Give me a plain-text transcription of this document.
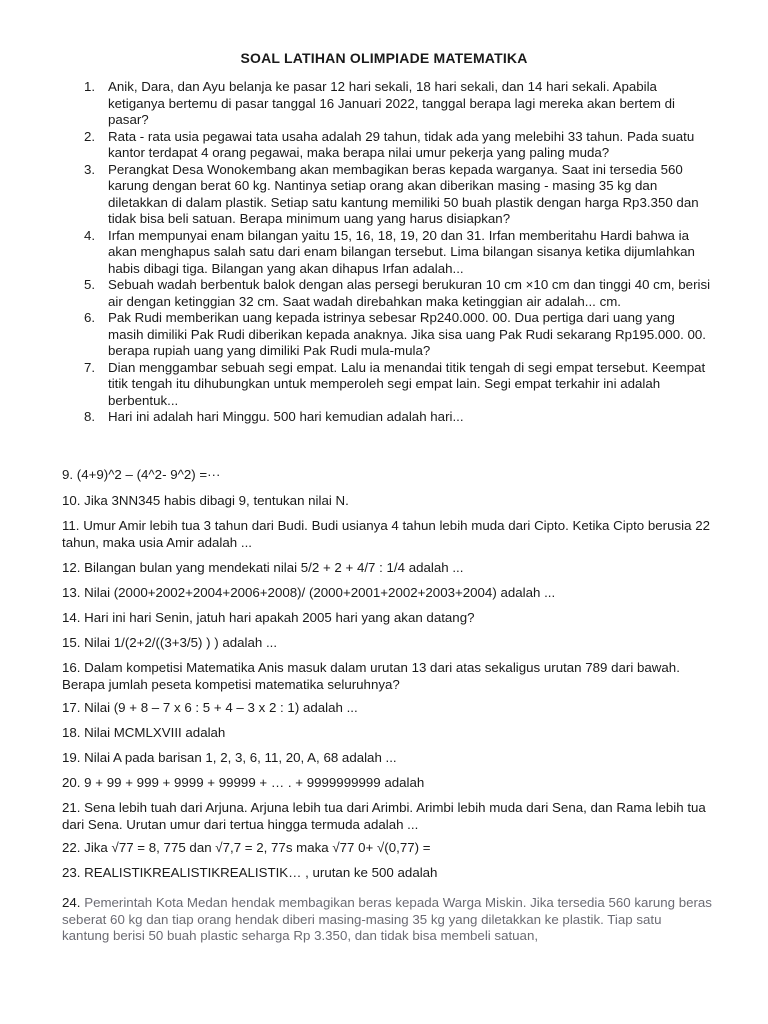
SOAL LATIHAN OLIMPIADE MATEMATIKA
1. Anik, Dara, dan Ayu belanja ke pasar 12 hari sekali, 18 hari sekali, dan 14 hari sekali. Apabila ketiganya bertemu di pasar tanggal 16 Januari 2022, tanggal berapa lagi mereka akan bertem di pasar?
2. Rata - rata usia pegawai tata usaha adalah 29 tahun, tidak ada yang melebihi 33 tahun. Pada suatu kantor terdapat 4 orang pegawai, maka berapa nilai umur pekerja yang paling muda?
3. Perangkat Desa Wonokembang akan membagikan beras kepada warganya. Saat ini tersedia 560 karung dengan berat 60 kg. Nantinya setiap orang akan diberikan masing - masing 35 kg dan diletakkan di dalam plastik. Setiap satu kantung memiliki 50 buah plastik dengan harga Rp3.350 dan tidak bisa beli satuan. Berapa minimum uang yang harus disiapkan?
4. Irfan mempunyai enam bilangan yaitu 15, 16, 18, 19, 20 dan 31. Irfan memberitahu Hardi bahwa ia akan menghapus salah satu dari enam bilangan tersebut. Lima bilangan sisanya ketika dijumlahkan habis dibagi tiga. Bilangan yang akan dihapus Irfan adalah...
5. Sebuah wadah berbentuk balok dengan alas persegi berukuran 10 cm ×10 cm dan tinggi 40 cm, berisi air dengan ketinggian 32 cm. Saat wadah direbahkan maka ketinggian air adalah... cm.
6. Pak Rudi memberikan uang kepada istrinya sebesar Rp240.000. 00. Dua pertiga dari uang yang masih dimiliki Pak Rudi diberikan kepada anaknya. Jika sisa uang Pak Rudi sekarang Rp195.000. 00. berapa rupiah uang yang dimiliki Pak Rudi mula-mula?
7. Dian menggambar sebuah segi empat. Lalu ia menandai titik tengah di segi empat tersebut. Keempat titik tengah itu dihubungkan untuk memperoleh segi empat lain. Segi empat terkahir ini adalah berbentuk...
8. Hari ini adalah hari Minggu. 500 hari kemudian adalah hari...

9. (4+9)^2 – (4^2- 9^2) =···

10. Jika 3NN345 habis dibagi 9, tentukan nilai N.

11. Umur Amir lebih tua 3 tahun dari Budi. Budi usianya 4 tahun lebih muda dari Cipto. Ketika Cipto berusia 22 tahun, maka usia Amir adalah ...

12. Bilangan bulan yang mendekati nilai 5/2 + 2 + 4/7 : 1/4 adalah ...

13. Nilai (2000+2002+2004+2006+2008)/ (2000+2001+2002+2003+2004) adalah ...

14. Hari ini hari Senin, jatuh hari apakah 2005 hari yang akan datang?

15. Nilai 1/(2+2/((3+3/5) ) ) adalah ...

16. Dalam kompetisi Matematika Anis masuk dalam urutan 13 dari atas sekaligus urutan 789 dari bawah. Berapa jumlah peseta kompetisi matematika seluruhnya?

17. Nilai (9 + 8 – 7 x 6 : 5 + 4 – 3 x 2 : 1) adalah ...

18. Nilai MCMLXVIII adalah

19. Nilai A pada barisan 1, 2, 3, 6, 11, 20, A, 68 adalah ...

20. 9 + 99 + 999 + 9999 + 99999 + … . + 9999999999 adalah

21. Sena lebih tuah dari Arjuna. Arjuna lebih tua dari Arimbi. Arimbi lebih muda dari Sena, dan Rama lebih tua dari Sena. Urutan umur dari tertua hingga termuda adalah ...

22. Jika √77 = 8, 775 dan √7,7 = 2, 77s maka √77 0+ √(0,77) =

23. REALISTIKREALISTIKREALISTIK… , urutan ke 500 adalah

24. Pemerintah Kota Medan hendak membagikan beras kepada Warga Miskin. Jika tersedia 560 karung beras seberat 60 kg dan tiap orang hendak diberi masing-masing 35 kg yang diletakkan ke plastik. Tiap satu kantung berisi 50 buah plastic seharga Rp 3.350, dan tidak bisa membeli satuan,
